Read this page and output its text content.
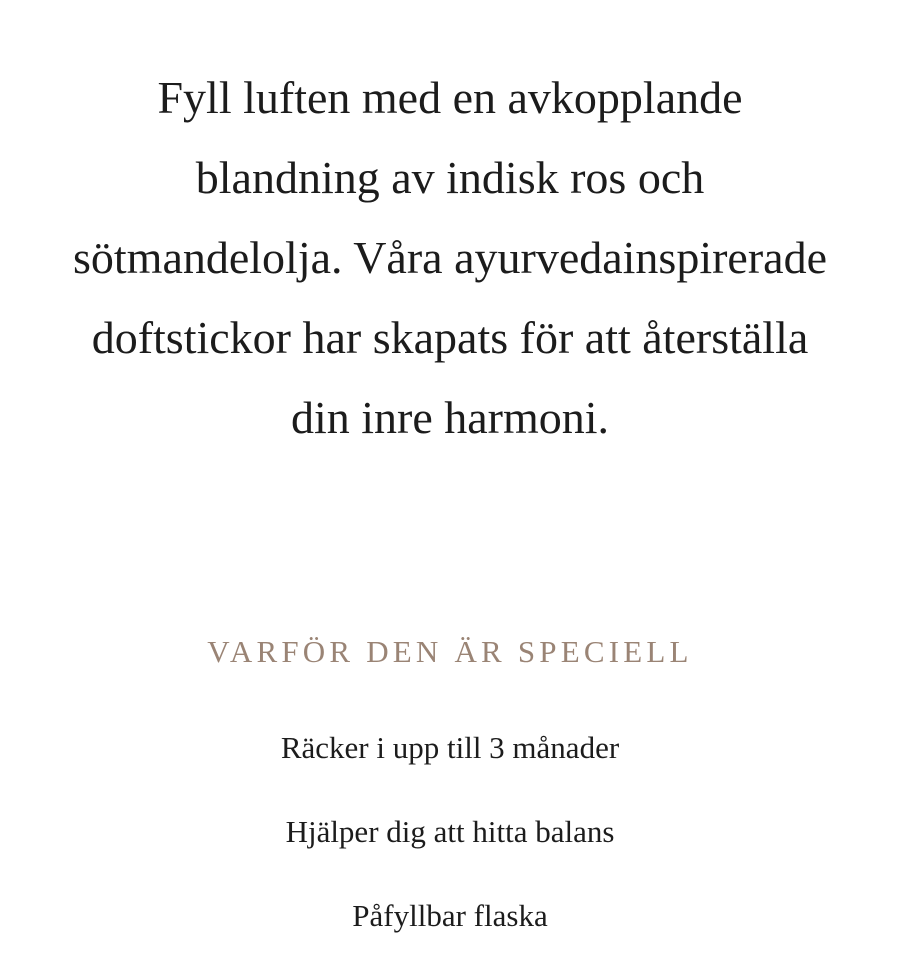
Fyll luften med en avkopplande blandning av indisk ros och sötmandelolja. Våra ayurvedainspirerade doftstickor har skapats för att återställa din inre harmoni.

VARFÖR DEN ÄR SPECIELL
Räcker i upp till 3 månader
Hjälper dig att hitta balans
Påfyllbar flaska
